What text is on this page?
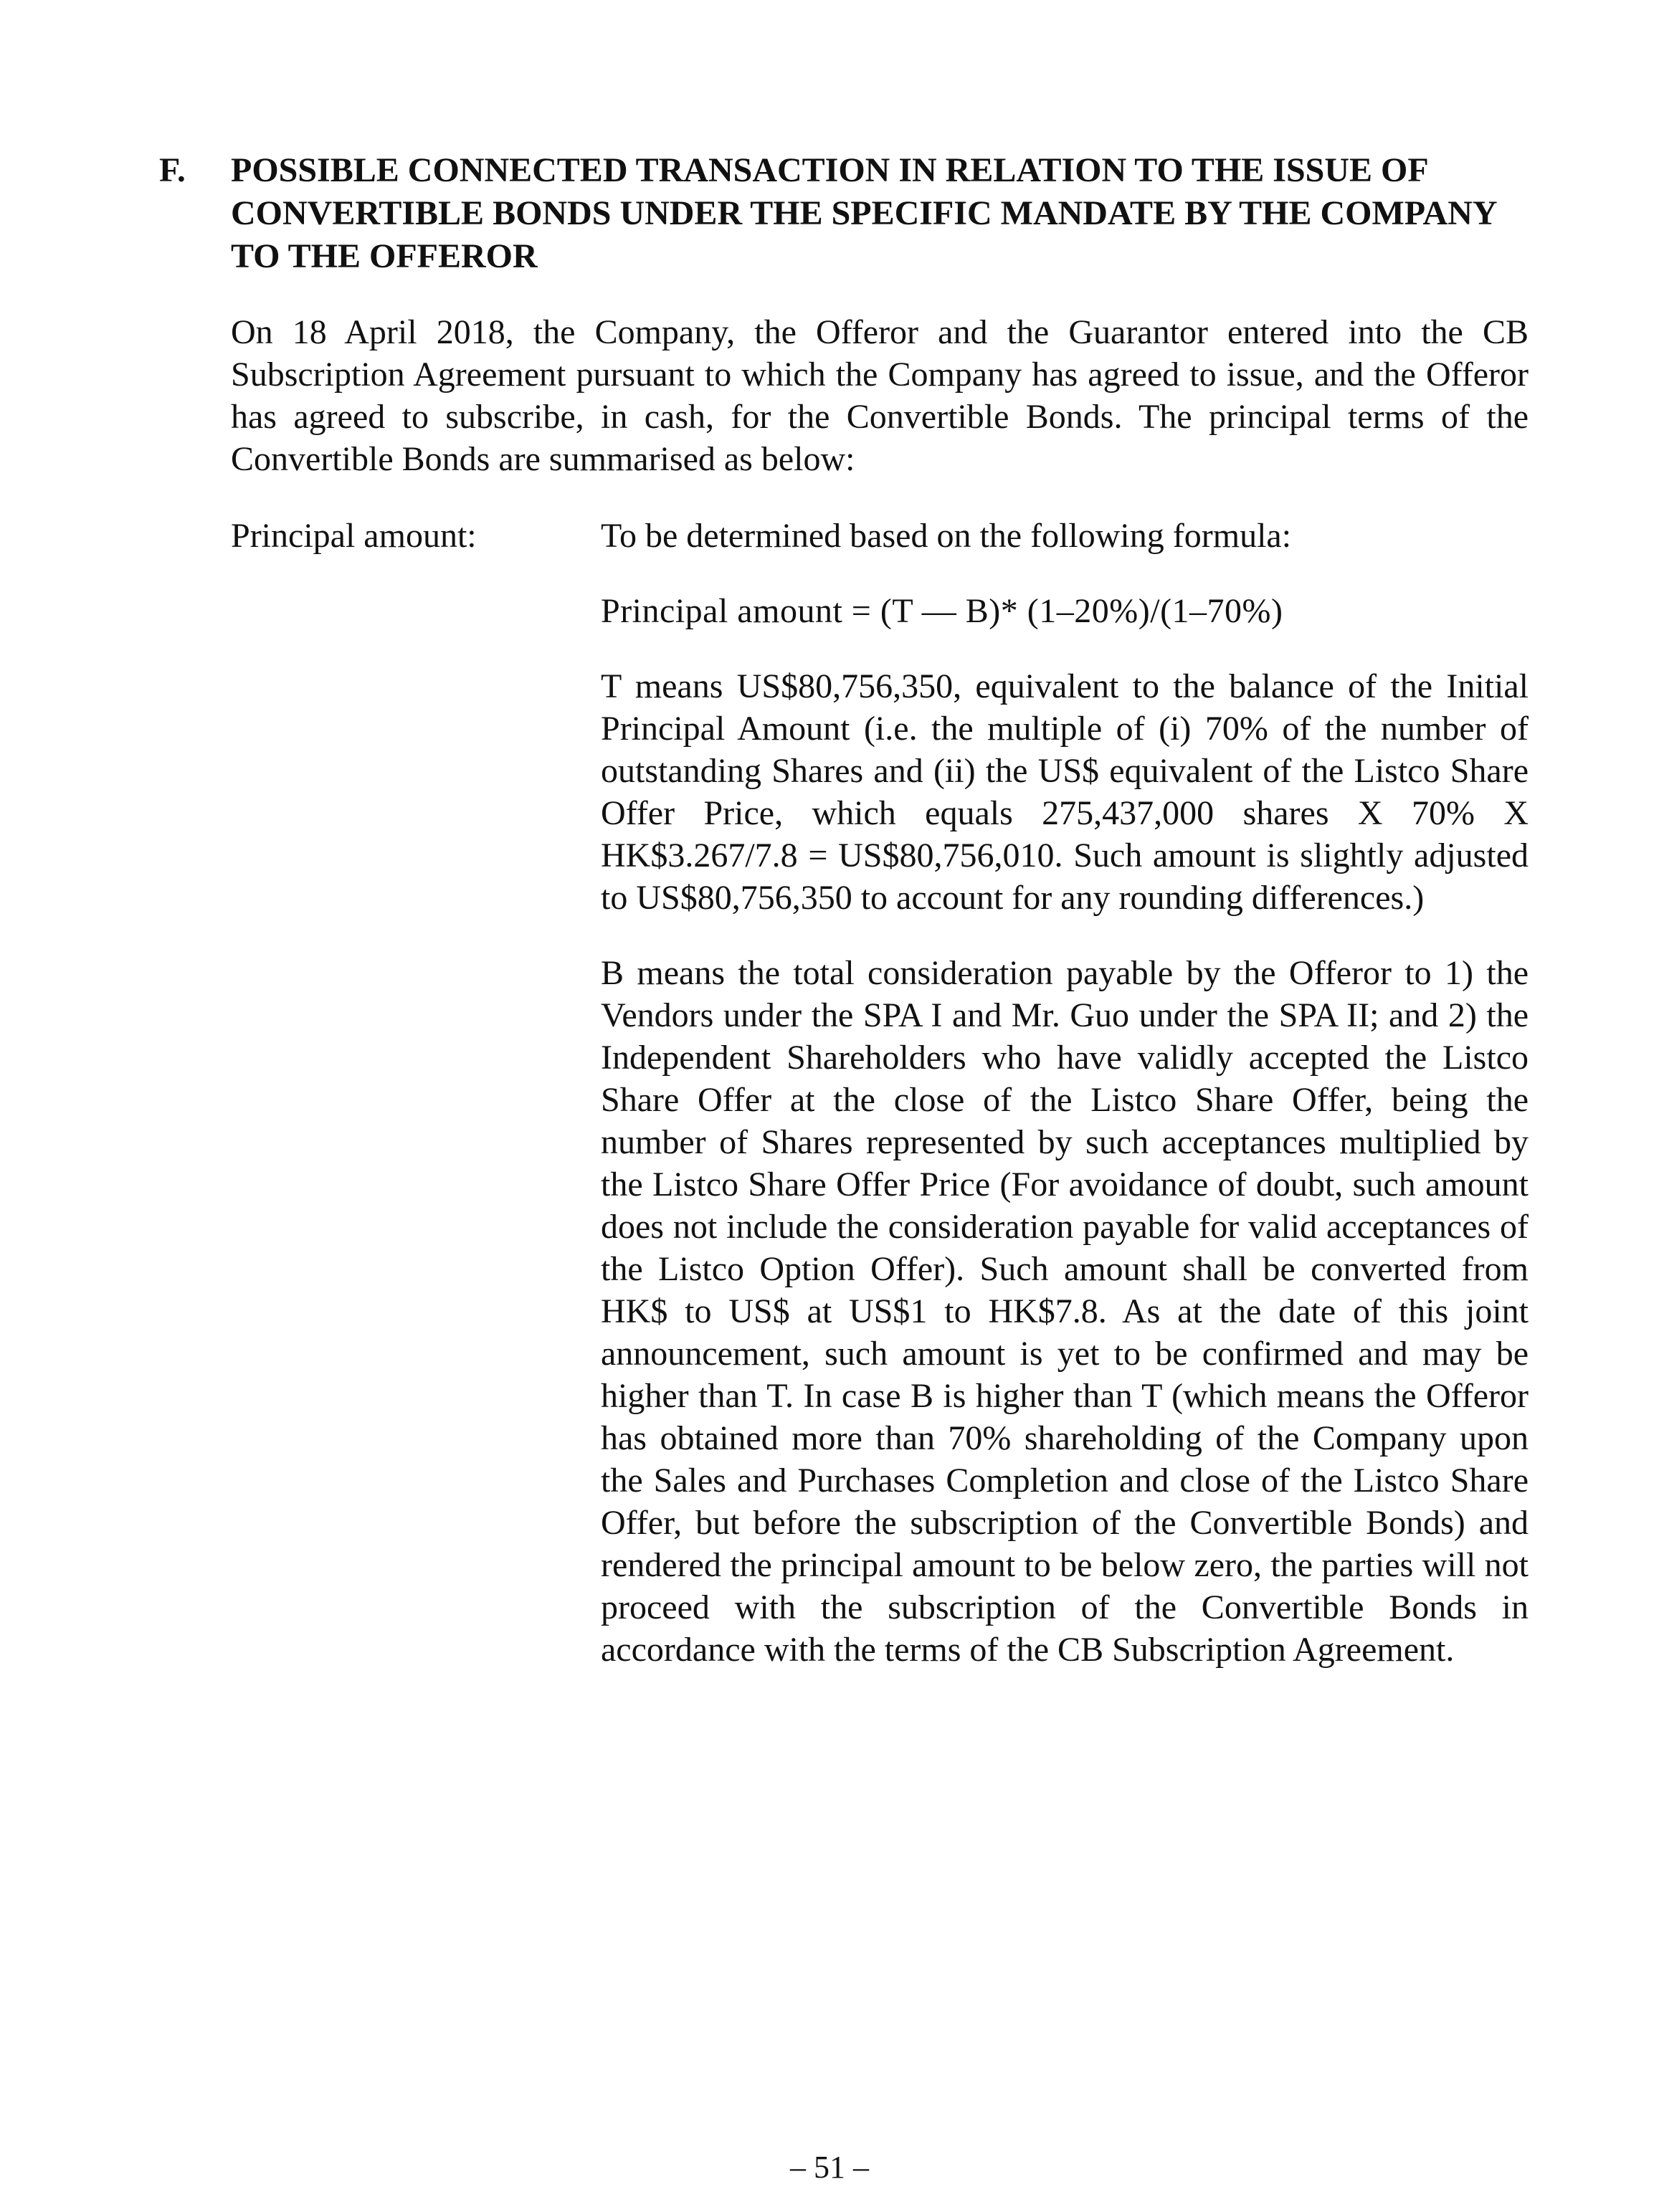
F. POSSIBLE CONNECTED TRANSACTION IN RELATION TO THE ISSUE OF CONVERTIBLE BONDS UNDER THE SPECIFIC MANDATE BY THE COMPANY TO THE OFFEROR
On 18 April 2018, the Company, the Offeror and the Guarantor entered into the CB Subscription Agreement pursuant to which the Company has agreed to issue, and the Offeror has agreed to subscribe, in cash, for the Convertible Bonds. The principal terms of the Convertible Bonds are summarised as below:
Principal amount:	To be determined based on the following formula:

Principal amount = (T — B)* (1–20%)/(1–70%)

T means US$80,756,350, equivalent to the balance of the Initial Principal Amount (i.e. the multiple of (i) 70% of the number of outstanding Shares and (ii) the US$ equivalent of the Listco Share Offer Price, which equals 275,437,000 shares X 70% X HK$3.267/7.8 = US$80,756,010. Such amount is slightly adjusted to US$80,756,350 to account for any rounding differences.)

B means the total consideration payable by the Offeror to 1) the Vendors under the SPA I and Mr. Guo under the SPA II; and 2) the Independent Shareholders who have validly accepted the Listco Share Offer at the close of the Listco Share Offer, being the number of Shares represented by such acceptances multiplied by the Listco Share Offer Price (For avoidance of doubt, such amount does not include the consideration payable for valid acceptances of the Listco Option Offer). Such amount shall be converted from HK$ to US$ at US$1 to HK$7.8. As at the date of this joint announcement, such amount is yet to be confirmed and may be higher than T. In case B is higher than T (which means the Offeror has obtained more than 70% shareholding of the Company upon the Sales and Purchases Completion and close of the Listco Share Offer, but before the subscription of the Convertible Bonds) and rendered the principal amount to be below zero, the parties will not proceed with the subscription of the Convertible Bonds in accordance with the terms of the CB Subscription Agreement.

– 51 –
